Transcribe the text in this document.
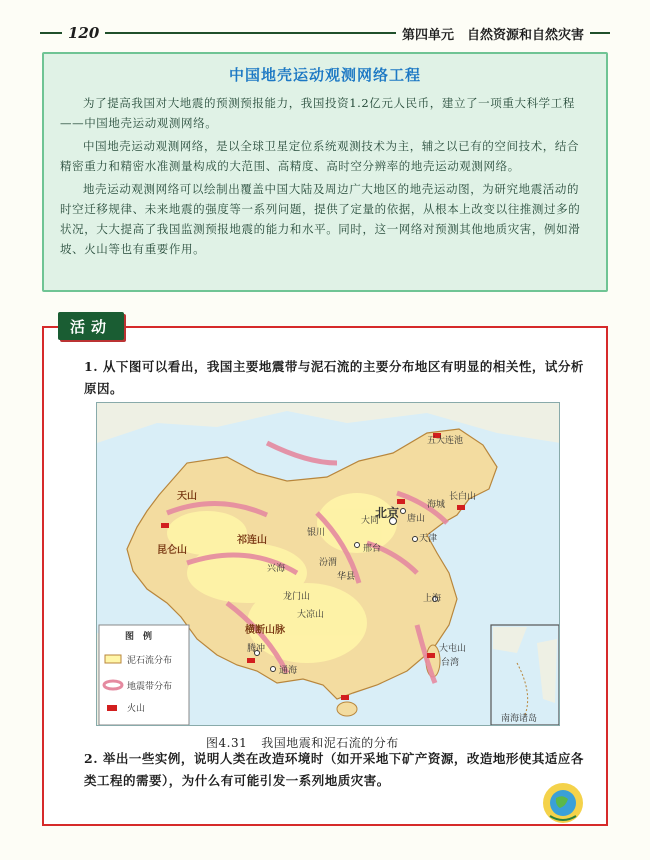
120	第四单元　自然资源和自然灾害
中国地壳运动观测网络工程

为了提高我国对大地震的预测预报能力，我国投资1.2亿元人民币，建立了一项重大科学工程——中国地壳运动观测网络。

中国地壳运动观测网络，是以全球卫星定位系统观测技术为主，辅之以已有的空间技术，结合精密重力和精密水准测量构成的大范围、高精度、高时空分辨率的地壳运动观测网络。

地壳运动观测网络可以绘制出覆盖中国大陆及周边广大地区的地壳运动图，为研究地震活动的时空迁移规律、未来地震的强度等一系列问题，提供了定量的依据，从根本上改变以往推测过多的状况，大大提高了我国监测预报地震的能力和水平。同时，这一网络对预测其他地质灾害，例如滑坡、火山等也有重要作用。

活动
1. 从下图可以看出，我国主要地震带与泥石流的主要分布地区有明显的相关性，试分析原因。
北京
天津
上海
大同	唐山
海城
邢台
台湾
大屯山
腾冲
通海
五大连池
长白山
昆仑山
天山
祁连山
横断山脉
兴海
华县
大凉山
汾渭
银川
龙门山
图　例
泥石流分布
地震带分布
火山
南海诸岛
图4.31 我国地震和泥石流的分布
2. 举出一些实例，说明人类在改造环境时（如开采地下矿产资源，改造地形使其适应各类工程的需要），为什么有可能引发一系列地质灾害。
